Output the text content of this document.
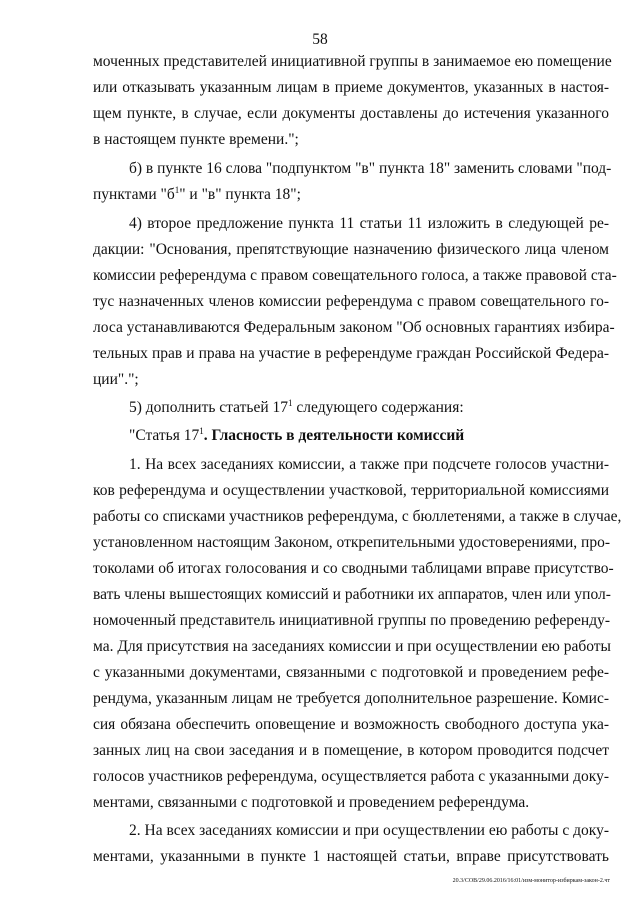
58
моченных представителей инициативной группы в занимаемое ею помещение
или отказывать указанным лицам в приеме документов, указанных в настоя-
щем пункте, в случае, если документы доставлены до истечения указанного
в настоящем пункте времени.";
б) в пункте 16 слова "подпунктом "в" пункта 18" заменить словами "под-
пунктами "$б^1$" и "в" пункта 18";
4) второе предложение пункта 11 статьи 11 изложить в следующей ре-
дакции: "Основания, препятствующие назначению физического лица членом
комиссии референдума с правом совещательного голоса, а также правовой ста-
тус назначенных членов комиссии референдума с правом совещательного го-
лоса устанавливаются Федеральным законом "Об основных гарантиях избира-
тельных прав и права на участие в референдуме граждан Российской Федера-
ции".";
5) дополнить статьей $17^1$ следующего содержания:
"Статья $17^1$. Гласность в деятельности комиссий
1. На всех заседаниях комиссии, а также при подсчете голосов участни-
ков референдума и осуществлении участковой, территориальной комиссиями
работы со списками участников референдума, с бюллетенями, а также в случае,
установленном настоящим Законом, открепительными удостоверениями, про-
токолами об итогах голосования и со сводными таблицами вправе присутство-
вать члены вышестоящих комиссий и работники их аппаратов, член или упол-
номоченный представитель инициативной группы по проведению референду-
ма. Для присутствия на заседаниях комиссии и при осуществлении ею работы
с указанными документами, связанными с подготовкой и проведением рефе-
рендума, указанным лицам не требуется дополнительное разрешение. Комис-
сия обязана обеспечить оповещение и возможность свободного доступа ука-
занных лиц на свои заседания и в помещение, в котором проводится подсчет
голосов участников референдума, осуществляется работа с указанными доку-
ментами, связанными с подготовкой и проведением референдума.
2. На всех заседаниях комиссии и при осуществлении ею работы с доку-
ментами, указанными в пункте 1 настоящей статьи, вправе присутствовать
20.3/СОВ/29.06.2016/16:01/изм-монитор-избиркам-закон-2.чт
